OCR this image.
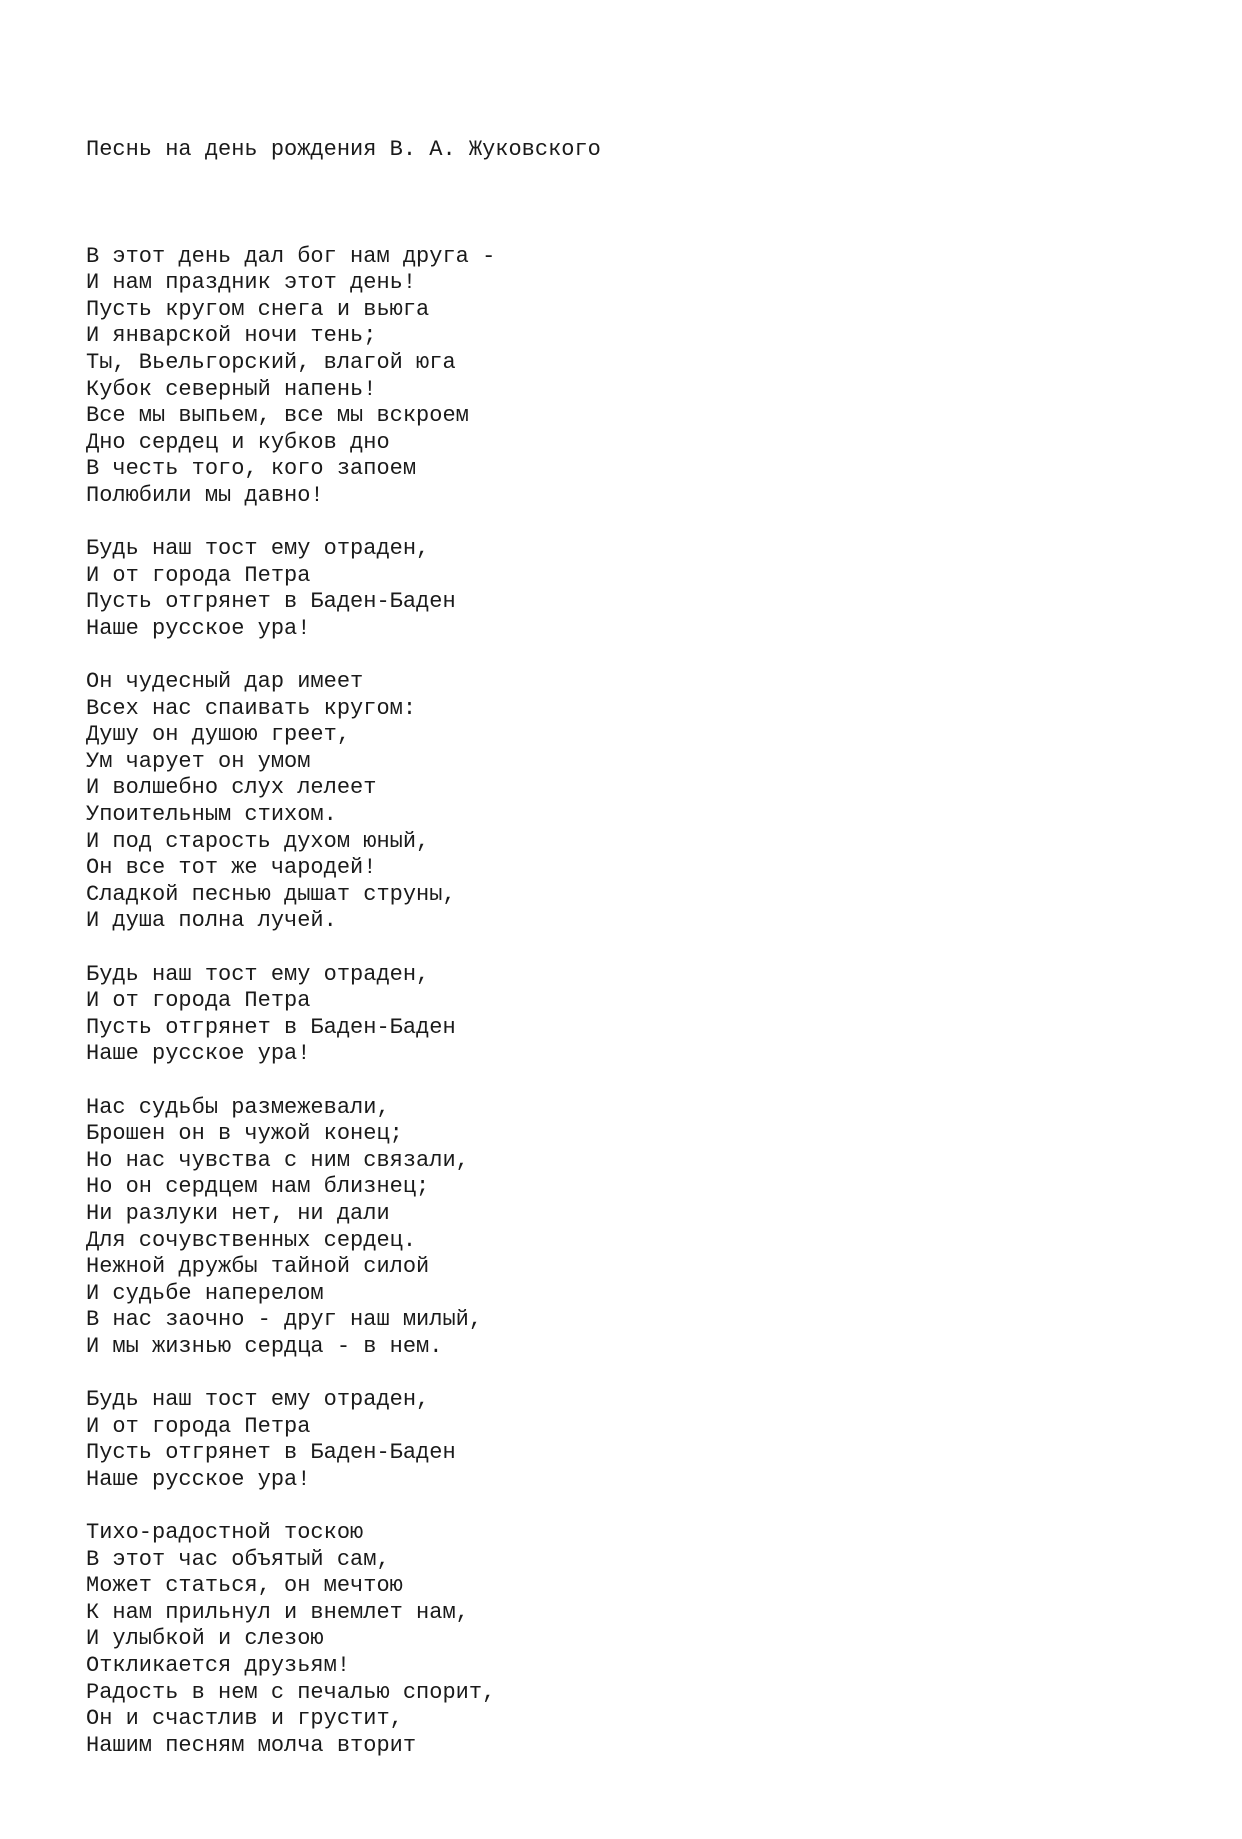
Песнь на день рождения В. А. Жуковского

В этот день дал бог нам друга -
И нам праздник этот день!
Пусть кругом снега и вьюга
И январской ночи тень;
Ты, Вьельгорский, влагой юга
Кубок северный напень!
Все мы выпьем, все мы вскроем
Дно сердец и кубков дно
В честь того, кого запоем
Полюбили мы давно!
Будь наш тост ему отраден,
И от города Петра
Пусть отгрянет в Баден-Баден
Наше русское ура!
Он чудесный дар имеет
Всех нас спаивать кругом:
Душу он душою греет,
Ум чарует он умом
И волшебно слух лелеет
Упоительным стихом.
И под старость духом юный,
Он все тот же чародей!
Сладкой песнью дышат струны,
И душа полна лучей.
Будь наш тост ему отраден,
И от города Петра
Пусть отгрянет в Баден-Баден
Наше русское ура!
Нас судьбы размежевали,
Брошен он в чужой конец;
Но нас чувства с ним связали,
Но он сердцем нам близнец;
Ни разлуки нет, ни дали
Для сочувственных сердец.
Нежной дружбы тайной силой
И судьбе наперелом
В нас заочно - друг наш милый,
И мы жизнью сердца - в нем.
Будь наш тост ему отраден,
И от города Петра
Пусть отгрянет в Баден-Баден
Наше русское ура!
Тихо-радостной тоскою
В этот час объятый сам,
Может статься, он мечтою
К нам прильнул и внемлет нам,
И улыбкой и слезою
Откликается друзьям!
Радость в нем с печалью спорит,
Он и счастлив и грустит,
Нашим песням молча вторит
